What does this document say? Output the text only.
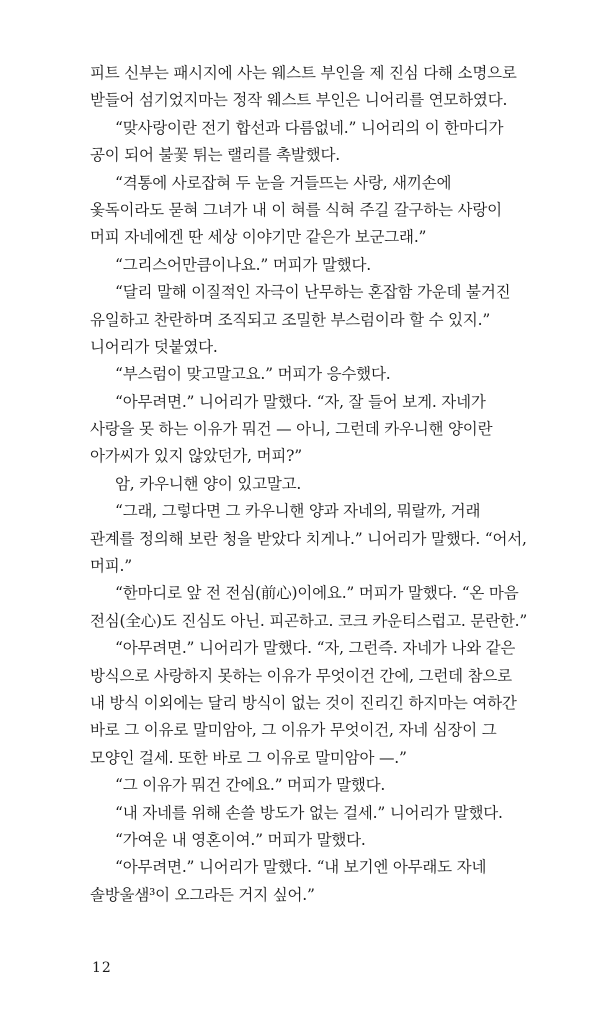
피트 신부는 패시지에 사는 웨스트 부인을 제 진심 다해 소명으로
받들어 섬기었지마는 정작 웨스트 부인은 니어리를 연모하였다.
“맞사랑이란 전기 합선과 다름없네.” 니어리의 이 한마디가
공이 되어 불꽃 튀는 랠리를 촉발했다.
“격통에 사로잡혀 두 눈을 거들뜨는 사랑, 새끼손에
옻독이라도 묻혀 그녀가 내 이 혀를 식혀 주길 갈구하는 사랑이
머피 자네에겐 딴 세상 이야기만 같은가 보군그래.”
“그리스어만큼이나요.” 머피가 말했다.
“달리 말해 이질적인 자극이 난무하는 혼잡함 가운데 불거진
유일하고 찬란하며 조직되고 조밀한 부스럼이라 할 수 있지.”
니어리가 덧붙였다.
“부스럼이 맞고말고요.” 머피가 응수했다.
“아무려면.” 니어리가 말했다. “자, 잘 들어 보게. 자네가
사랑을 못 하는 이유가 뭐건 — 아니, 그런데 카우니핸 양이란
아가씨가 있지 않았던가, 머피?”
암, 카우니핸 양이 있고말고.
“그래, 그렇다면 그 카우니핸 양과 자네의, 뭐랄까, 거래
관계를 정의해 보란 청을 받았다 치게나.” 니어리가 말했다. “어서,
머피.”
“한마디로 앞 전 전심(前心)이에요.” 머피가 말했다. “온 마음
전심(全心)도 진심도 아닌. 피곤하고. 코크 카운티스럽고. 문란한.”
“아무려면.” 니어리가 말했다. “자, 그런즉. 자네가 나와 같은
방식으로 사랑하지 못하는 이유가 무엇이건 간에, 그런데 참으로
내 방식 이외에는 달리 방식이 없는 것이 진리긴 하지마는 여하간
바로 그 이유로 말미암아, 그 이유가 무엇이건, 자네 심장이 그
모양인 걸세. 또한 바로 그 이유로 말미암아 —.”
“그 이유가 뭐건 간에요.” 머피가 말했다.
“내 자네를 위해 손쓸 방도가 없는 걸세.” 니어리가 말했다.
“가여운 내 영혼이여.” 머피가 말했다.
“아무려면.” 니어리가 말했다. “내 보기엔 아무래도 자네
솔방울샘³이 오그라든 거지 싶어.”
12
